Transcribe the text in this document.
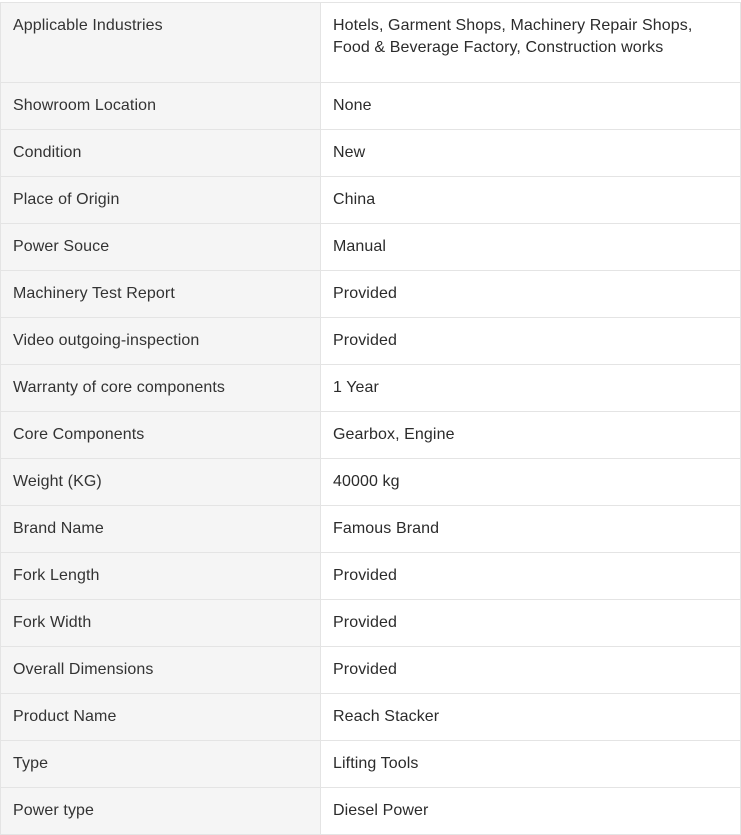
Applicable Industries	Hotels, Garment Shops, Machinery Repair Shops, Food & Beverage Factory, Construction works
Showroom Location	None
Condition	New
Place of Origin	China
Power Souce	Manual
Machinery Test Report	Provided
Video outgoing-inspection	Provided
Warranty of core components	1 Year
Core Components	Gearbox, Engine
Weight (KG)	40000 kg
Brand Name	Famous Brand
Fork Length	Provided
Fork Width	Provided
Overall Dimensions	Provided
Product Name	Reach Stacker
Type	Lifting Tools
Power type	Diesel Power
